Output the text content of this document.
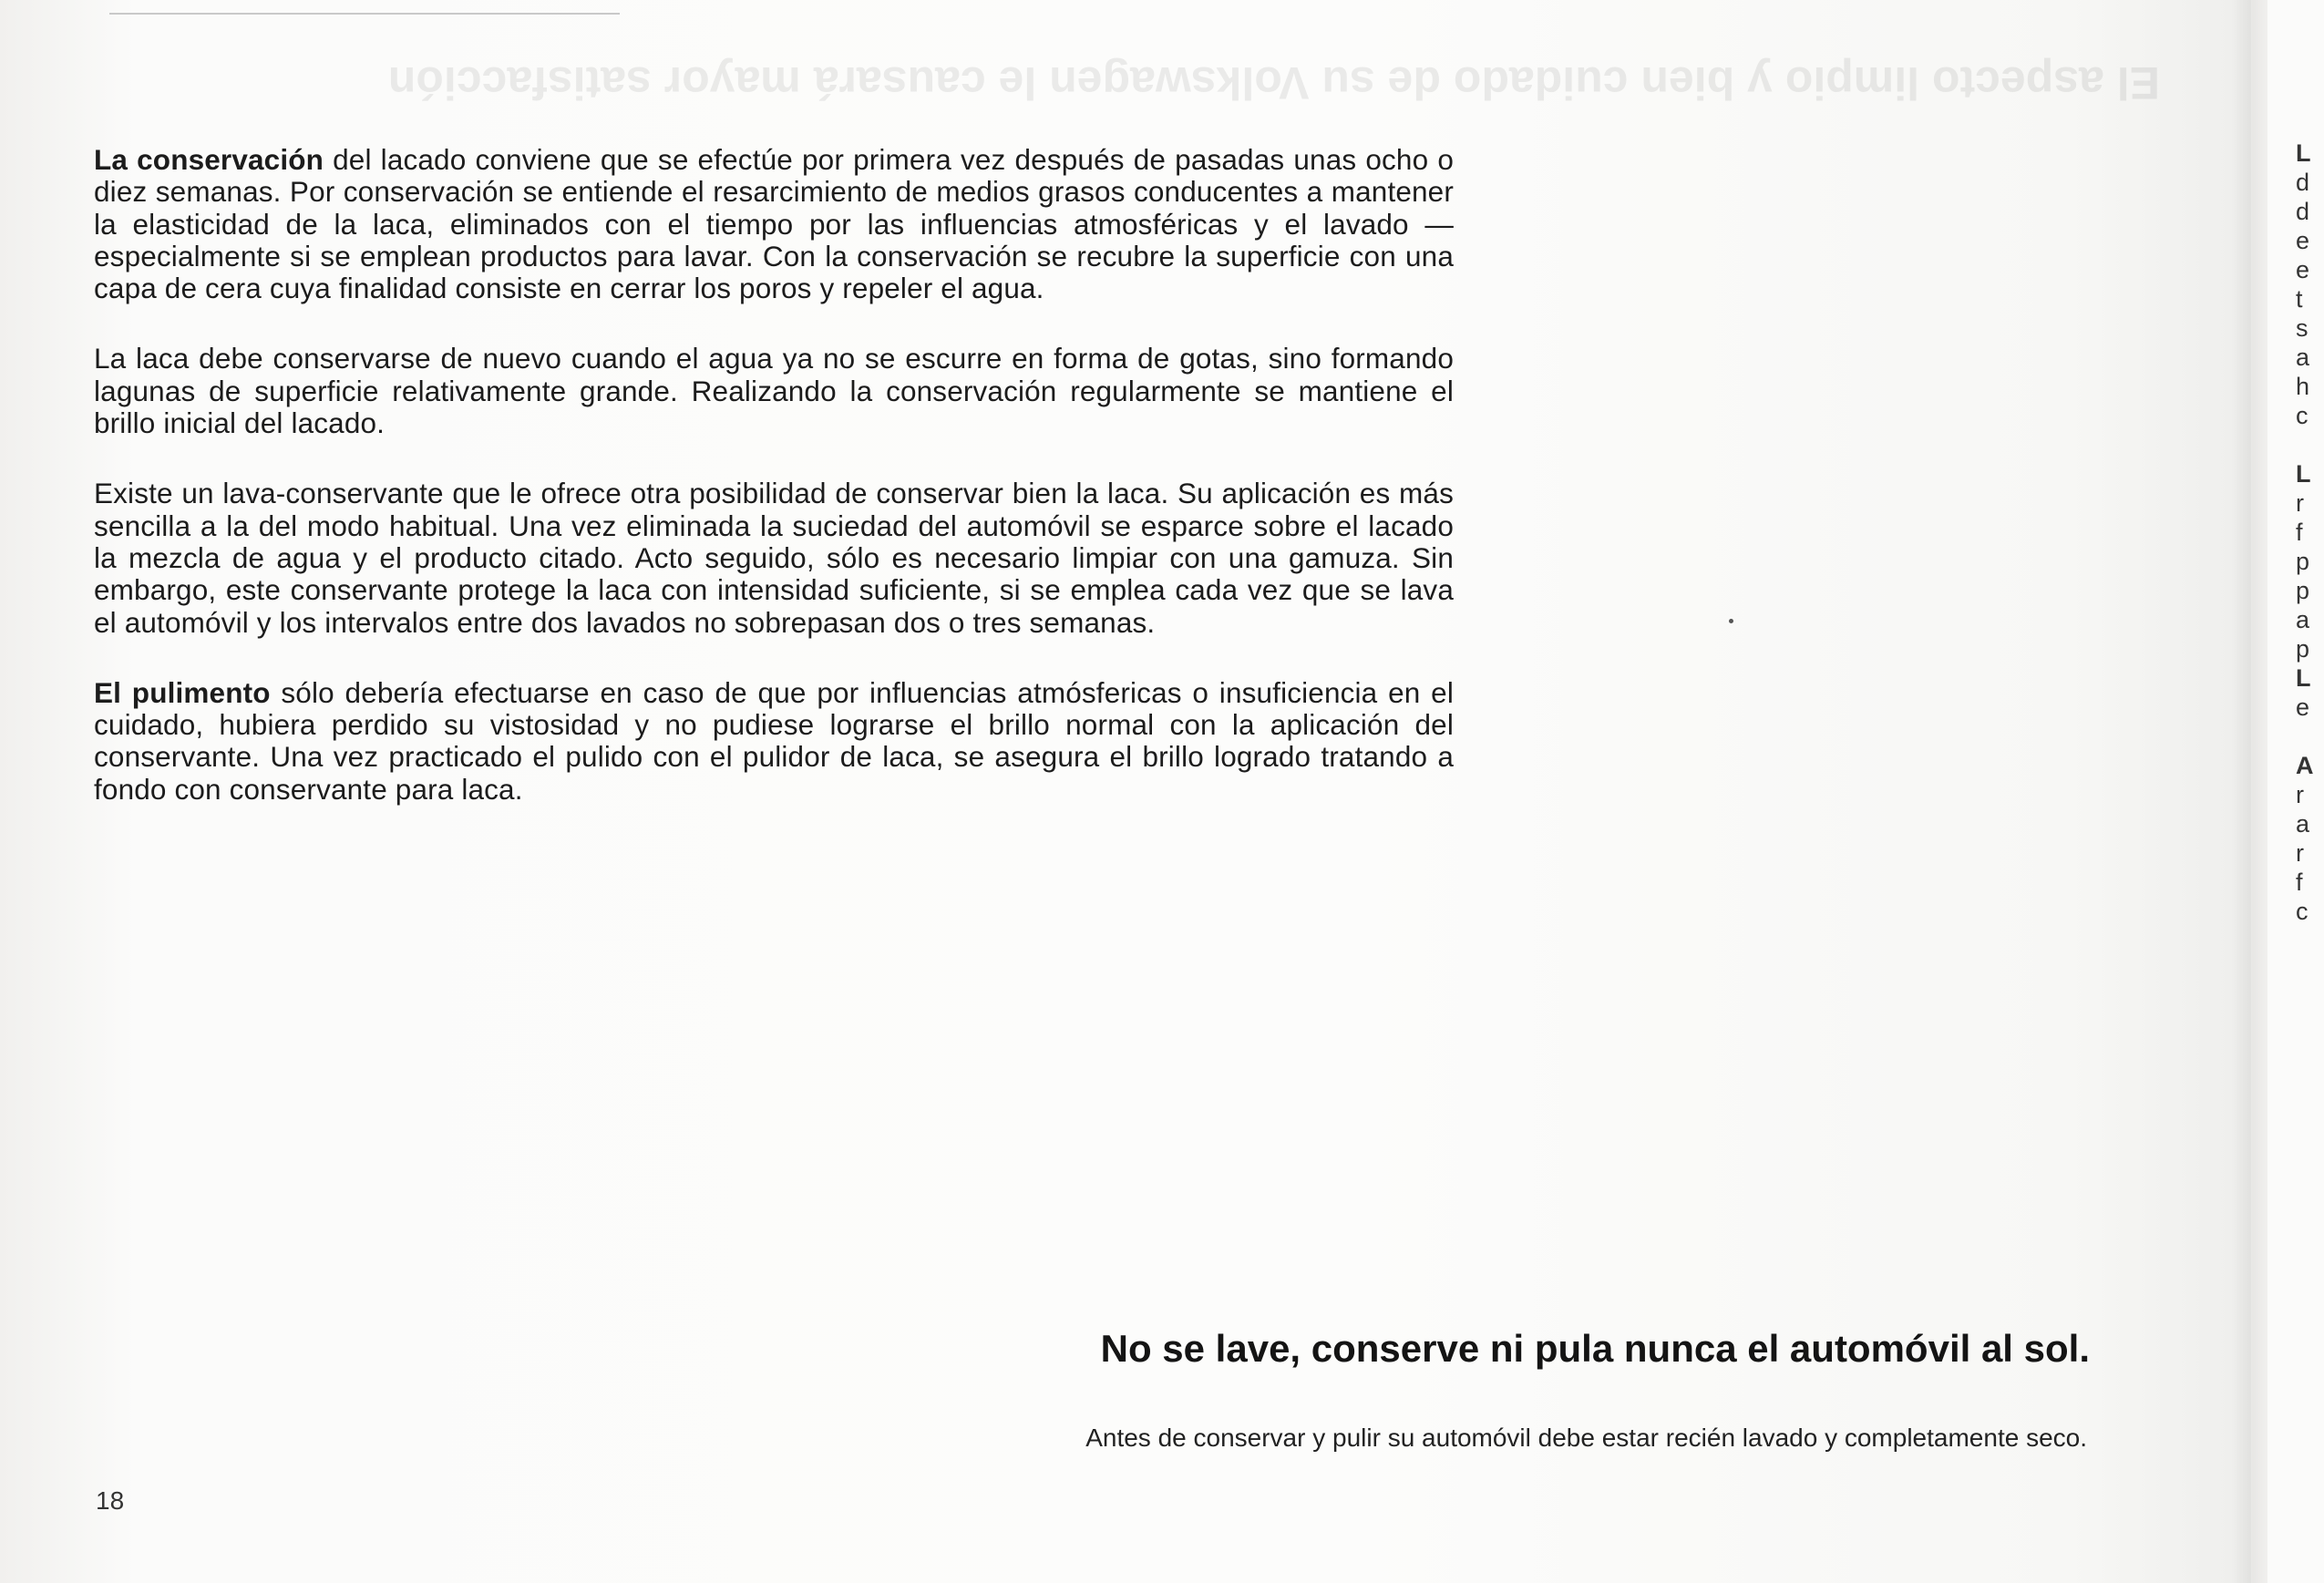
El aspecto limpio y bien cuidado de su Volkswagen le causará mayor satisfacción

La conservación del lacado conviene que se efectúe por primera vez después de pasadas unas ocho o diez semanas. Por conservación se entiende el resarcimiento de medios grasos conducentes a mantener la elasticidad de la laca, eliminados con el tiempo por las influencias atmosféricas y el lavado — especialmente si se emplean productos para lavar. Con la conservación se recubre la superficie con una capa de cera cuya finalidad consiste en cerrar los poros y repeler el agua.

La laca debe conservarse de nuevo cuando el agua ya no se escurre en forma de gotas, sino formando lagunas de superficie relativamente grande. Realizando la conservación regularmente se mantiene el brillo inicial del lacado.

Existe un lava-conservante que le ofrece otra posibilidad de conservar bien la laca. Su aplicación es más sencilla a la del modo habitual. Una vez eliminada la suciedad del automóvil se esparce sobre el lacado la mezcla de agua y el producto citado. Acto seguido, sólo es necesario limpiar con una gamuza. Sin embargo, este conservante protege la laca con intensidad suficiente, si se emplea cada vez que se lava el automóvil y los intervalos entre dos lavados no sobrepasan dos o tres semanas.

El pulimento sólo debería efectuarse en caso de que por influencias atmósfericas o insuficiencia en el cuidado, hubiera perdido su vistosidad y no pudiese lograrse el brillo normal con la aplicación del conservante. Una vez practicado el pulido con el pulidor de laca, se asegura el brillo logrado tratando a fondo con conservante para laca.

No se lave, conserve ni pula nunca el automóvil al sol.
Antes de conservar y pulir su automóvil debe estar recién lavado y completamente seco.
18
L
d
d
e
e
t
s
a
h
c
L
r
f
p
p
a
p
L
e
A
r
a
r
f
c
